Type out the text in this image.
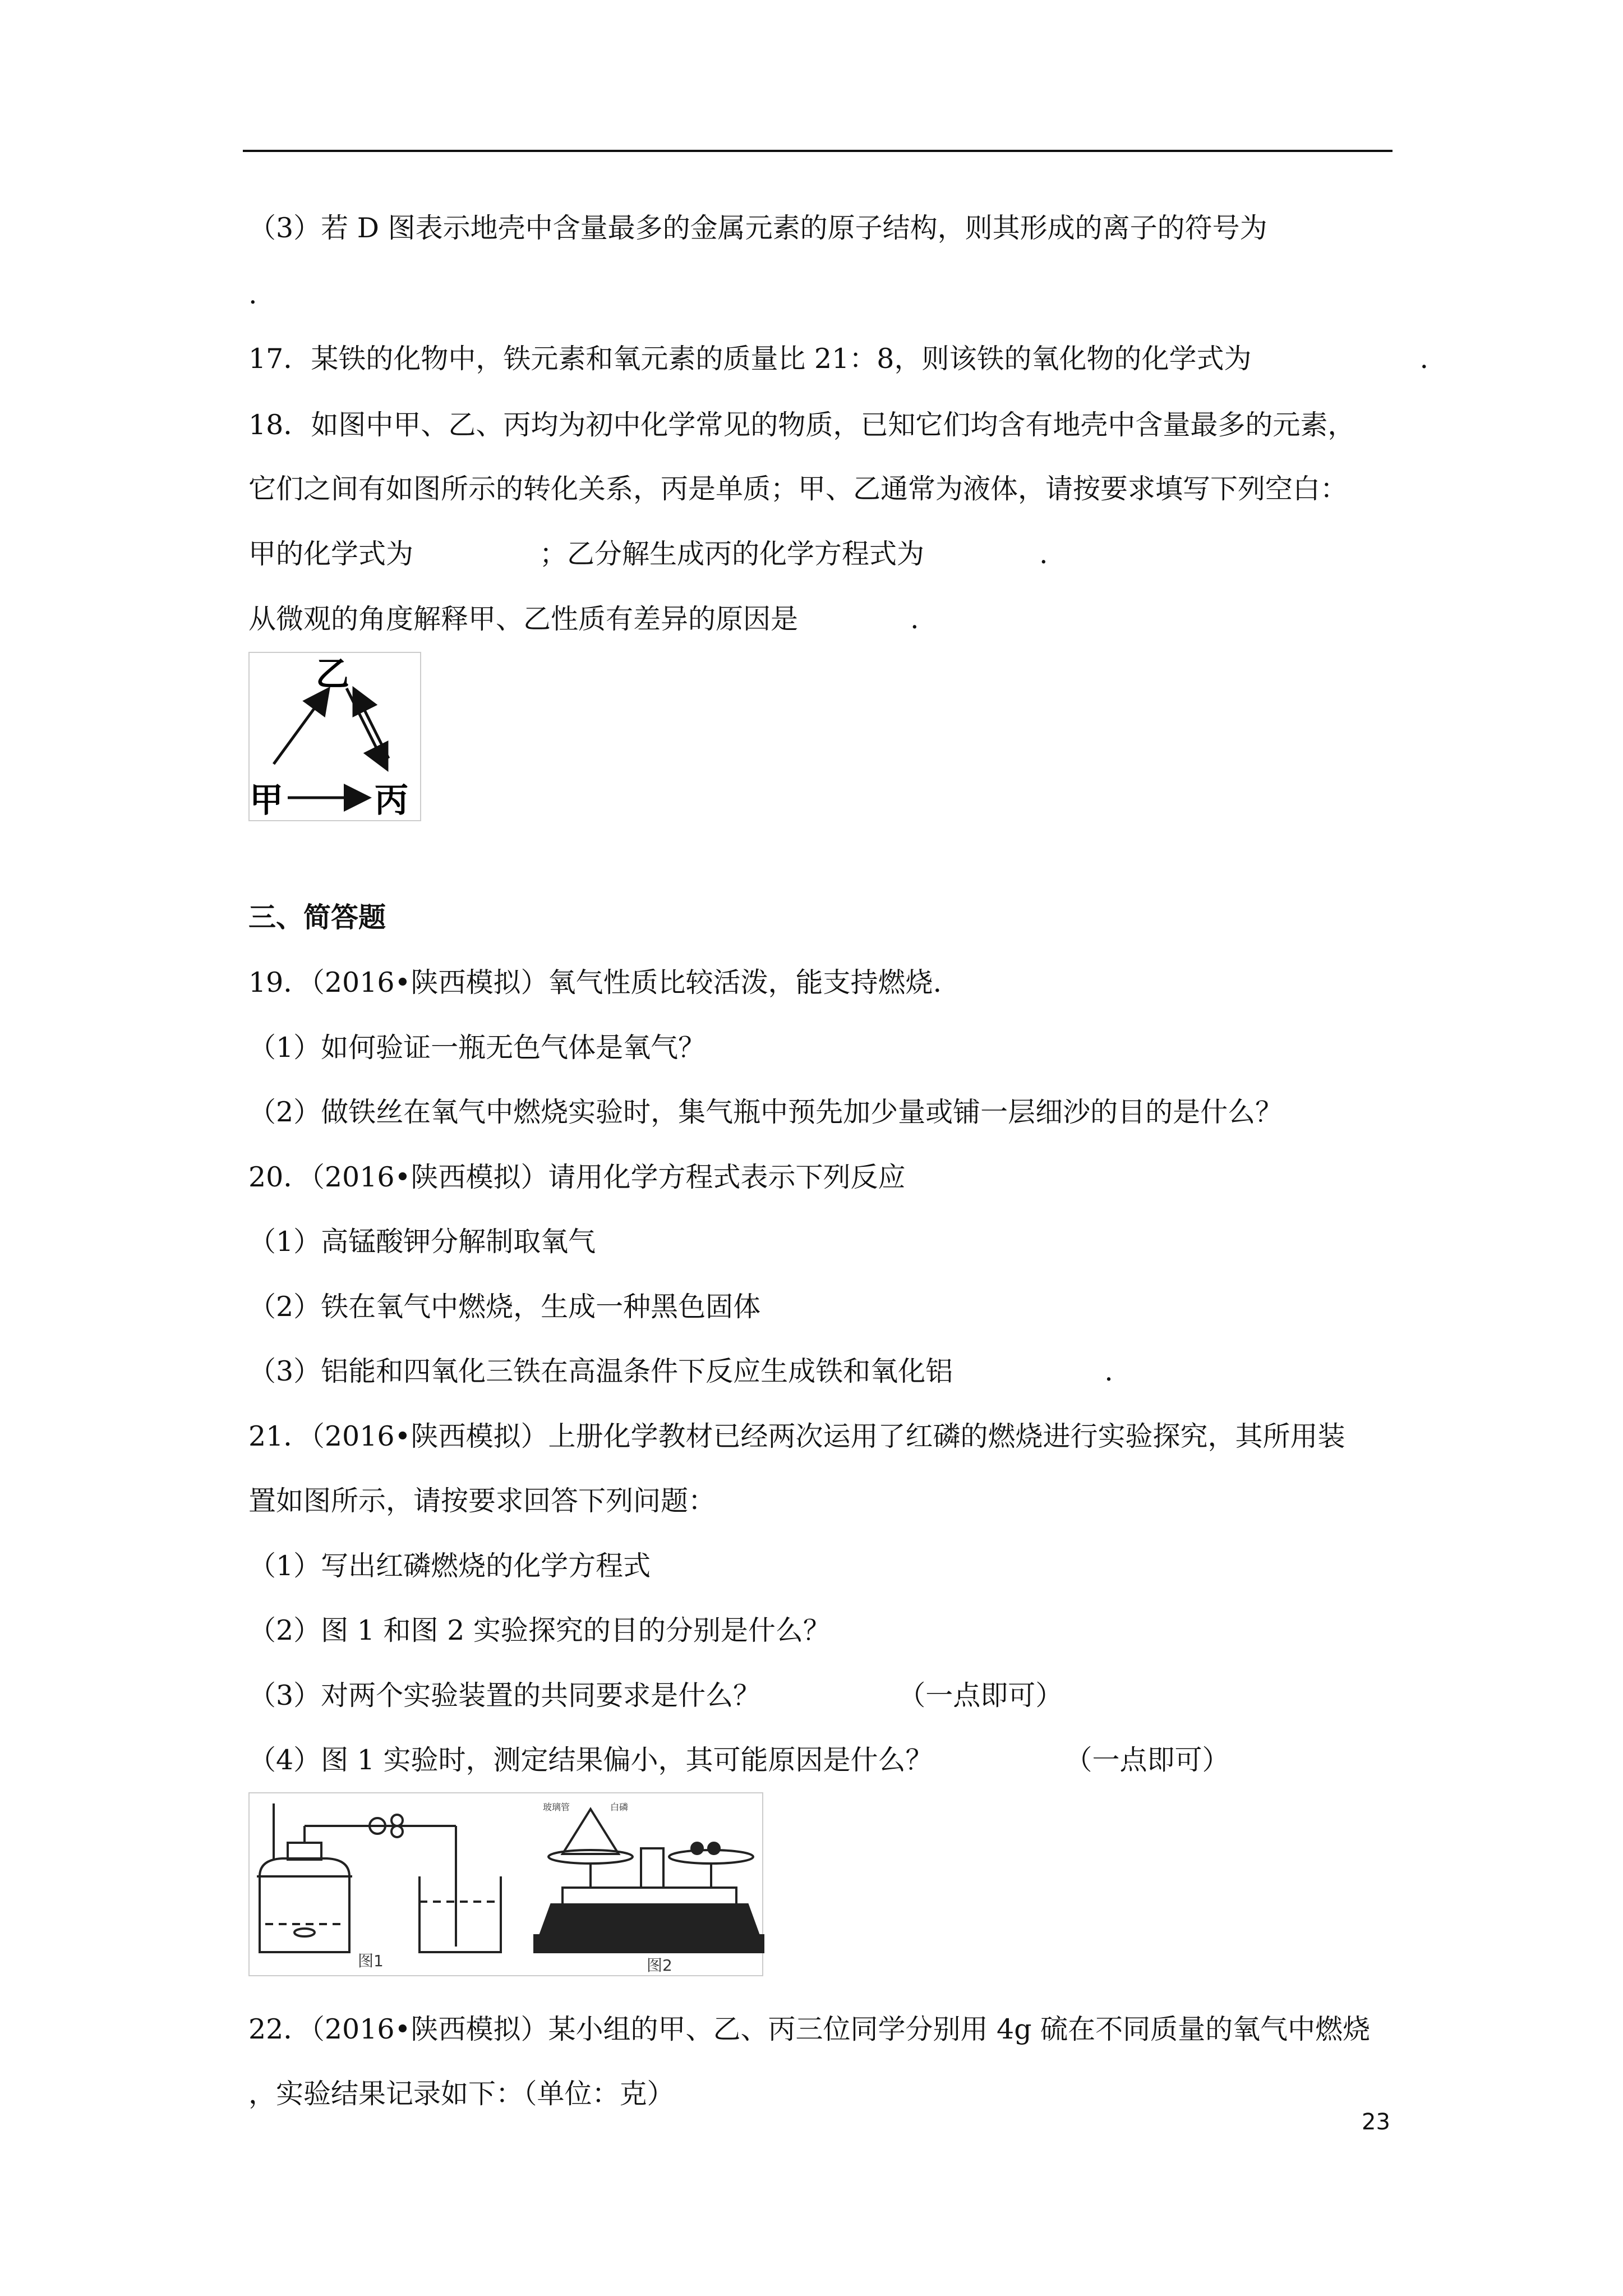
（3）若 D 图表示地壳中含量最多的金属元素的原子结构，则其形成的离子的符号为
.
17．某铁的化物中，铁元素和氧元素的质量比 21：8，则该铁的氧化物的化学式为	.
18．如图中甲、乙、丙均为初中化学常见的物质，已知它们均含有地壳中含量最多的元素，
它们之间有如图所示的转化关系，丙是单质；甲、乙通常为液体，请按要求填写下列空白：
甲的化学式为	；乙分解生成丙的化学方程式为	.
从微观的角度解释甲、乙性质有差异的原因是	.
乙
甲	丙
三、简答题
19．（2016•陕西模拟）氧气性质比较活泼，能支持燃烧.
（1）如何验证一瓶无色气体是氧气？
（2）做铁丝在氧气中燃烧实验时，集气瓶中预先加少量或铺一层细沙的目的是什么？
20．（2016•陕西模拟）请用化学方程式表示下列反应
（1）高锰酸钾分解制取氧气
（2）铁在氧气中燃烧，生成一种黑色固体
（3）铝能和四氧化三铁在高温条件下反应生成铁和氧化铝	.
21．（2016•陕西模拟）上册化学教材已经两次运用了红磷的燃烧进行实验探究，其所用装
置如图所示，请按要求回答下列问题：
（1）写出红磷燃烧的化学方程式
（2）图 1 和图 2 实验探究的目的分别是什么？
（3）对两个实验装置的共同要求是什么？	（一点即可）
（4）图 1 实验时，测定结果偏小，其可能原因是什么？	（一点即可）
图1
玻璃管	白磷
图2
22．（2016•陕西模拟）某小组的甲、乙、丙三位同学分别用 4g 硫在不同质量的氧气中燃烧
，实验结果记录如下：（单位：克）
23
